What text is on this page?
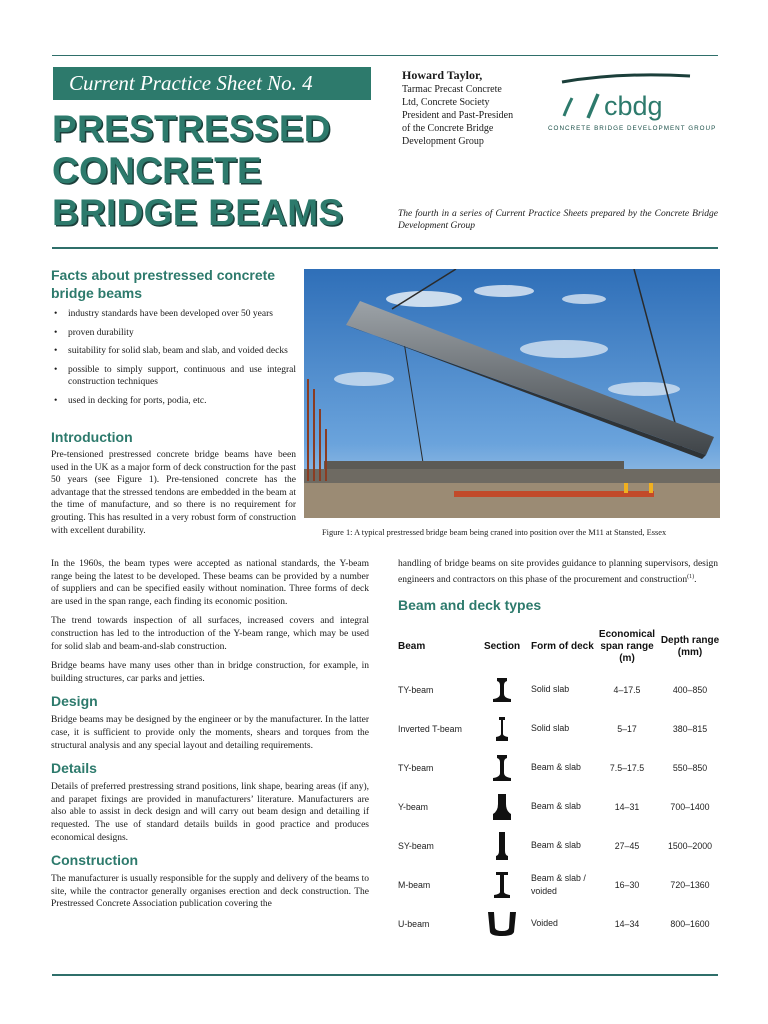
Current Practice Sheet No. 4
PRESTRESSED
CONCRETE
BRIDGE BEAMS
Howard Taylor,
Tarmac Precast Concrete
Ltd, Concrete Society
President and Past-Presiden
of the Concrete Bridge
Development Group
cbdg
CONCRETE BRIDGE DEVELOPMENT GROUP
The fourth in a series of Current Practice Sheets prepared by the Concrete Bridge Development Group
Facts about prestressed concrete bridge beams
• industry standards have been developed over 50 years
• proven durability
• suitability for solid slab, beam and slab, and voided decks
• possible to simply support, continuous and use integral construction techniques
• used in decking for ports, podia, etc.
Figure 1: A typical prestressed bridge beam being craned into position over the M11 at Stansted, Essex
Introduction

Pre-tensioned prestressed concrete bridge beams have been used in the UK as a major form of deck construction for the past 50 years (see Figure 1). Pre-tensioned concrete has the advantage that the stressed tendons are embedded in the beam at the time of manufacture, and so there is no requirement for grouting. This has resulted in a very robust form of construction with excellent durability.

In the 1960s, the beam types were accepted as national standards, the Y-beam range being the latest to be developed. These beams can be provided by a number of suppliers and can be specified easily without nomination. Three forms of deck are used in the span range, each finding its economic position.

The trend towards inspection of all surfaces, increased covers and integral construction has led to the introduction of the Y-beam range, which may be used for solid slab and beam-and-slab construction.

Bridge beams have many uses other than in bridge construction, for example, in building structures, car parks and jetties.

Design

Bridge beams may be designed by the engineer or by the manufacturer. In the latter case, it is sufficient to provide only the moments, shears and torques from the structural analysis and any special layout and detailing requirements.

Details

Details of preferred prestressing strand positions, link shape, bearing areas (if any), and parapet fixings are provided in manufacturers’ literature. Manufacturers are also able to assist in deck design and will carry out beam design and detailing if requested. The use of standard details builds in good practice and produces economical designs.

Construction

The manufacturer is usually responsible for the supply and delivery of the beams to site, while the contractor generally organises erection and deck construction. The Prestressed Concrete Association publication covering the

handling of bridge beams on site provides guidance to planning supervisors, design engineers and contractors on this phase of the procurement and construction$^{(1)}$.

Beam and deck types
Beam	Section	Form of deck	Economical span range (m)	Depth range (mm)
TY-beam		Solid slab	4–17.5	400–850
Inverted T-beam		Solid slab	5–17	380–815
TY-beam		Beam & slab	7.5–17.5	550–850
Y-beam		Beam & slab	14–31	700–1400
SY-beam		Beam & slab	27–45	1500–2000
M-beam		Beam & slab / voided	16–30	720–1360
U-beam		Voided	14–34	800–1600
